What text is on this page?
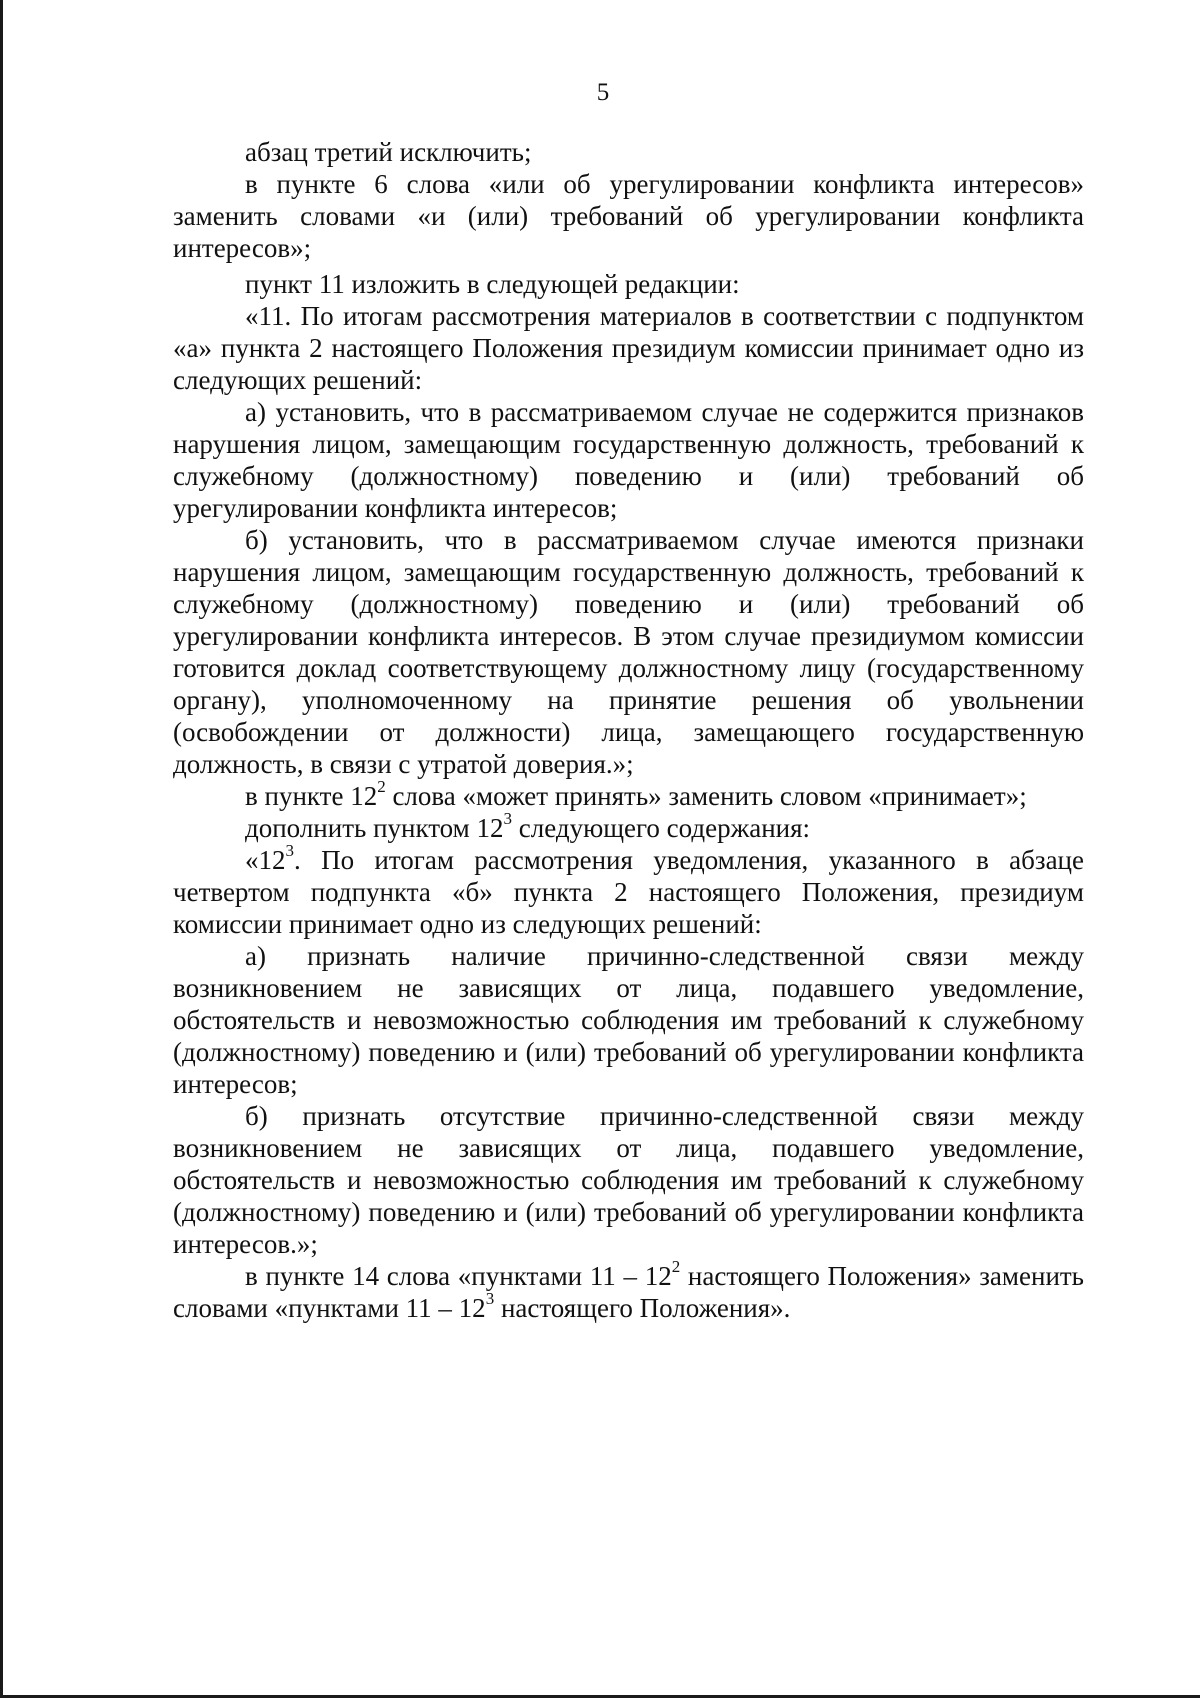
5

абзац третий исключить;

в пункте 6 слова «или об урегулировании конфликта интересов» заменить словами «и (или) требований об урегулировании конфликта интересов»;

пункт 11 изложить в следующей редакции:

«11. По итогам рассмотрения материалов в соответствии с подпунктом «а» пункта 2 настоящего Положения президиум комиссии принимает одно из следующих решений:

а) установить, что в рассматриваемом случае не содержится признаков нарушения лицом, замещающим государственную должность, требований к служебному (должностному) поведению и (или) требований об урегулировании конфликта интересов;

б) установить, что в рассматриваемом случае имеются признаки нарушения лицом, замещающим государственную должность, требований к служебному (должностному) поведению и (или) требований об урегулировании конфликта интересов. В этом случае президиумом комиссии готовится доклад соответствующему должностному лицу (государственному органу), уполномоченному на принятие решения об увольнении (освобождении от должности) лица, замещающего государственную должность, в связи с утратой доверия.»;

в пункте $12^2$ слова «может принять» заменить словом «принимает»;

дополнить пунктом $12^3$ следующего содержания:

«$12^3$. По итогам рассмотрения уведомления, указанного в абзаце четвертом подпункта «б» пункта 2 настоящего Положения, президиум комиссии принимает одно из следующих решений:

а) признать наличие причинно-следственной связи между возникновением не зависящих от лица, подавшего уведомление, обстоятельств и невозможностью соблюдения им требований к служебному (должностному) поведению и (или) требований об урегулировании конфликта интересов;

б) признать отсутствие причинно-следственной связи между возникновением не зависящих от лица, подавшего уведомление, обстоятельств и невозможностью соблюдения им требований к служебному (должностному) поведению и (или) требований об урегулировании конфликта интересов.»;

в пункте 14 слова «пунктами $11 - 12^2$ настоящего Положения» заменить словами «пунктами $11 - 12^3$ настоящего Положения».
